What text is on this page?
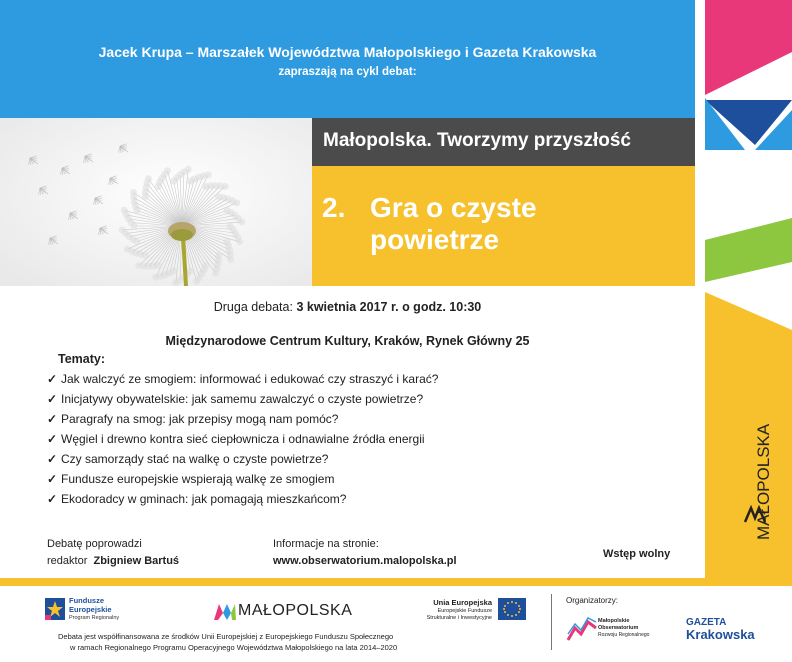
Jacek Krupa – Marszałek Województwa Małopolskiego i Gazeta Krakowska
zapraszają na cykl debat:
Małopolska. Tworzymy przyszłość
2. Gra o czyste powietrze
MAŁOPOLSKA
Druga debata: 3 kwietnia 2017 r. o godz. 10:30
Międzynarodowe Centrum Kultury, Kraków, Rynek Główny 25
Tematy:
✓ Jak walczyć ze smogiem: informować i edukować czy straszyć i karać?
✓ Inicjatywy obywatelskie: jak samemu zawalczyć o czyste powietrze?
✓ Paragrafy na smog: jak przepisy mogą nam pomóc?
✓ Węgiel i drewno kontra sieć ciepłownicza i odnawialne źródła energii
✓ Czy samorządy stać na walkę o czyste powietrze?
✓ Fundusze europejskie wspierają walkę ze smogiem
✓ Ekodoradcy w gminach: jak pomagają mieszkańcom?
Debatę poprowadzi
redaktor Zbigniew Bartuś
Informacje na stronie:
www.obserwatorium.malopolska.pl
Wstęp wolny
Fundusze
Europejskie
Program Regionalny	MAŁOPOLSKA	Unia Europejska
Europejskie Fundusze
Strukturalne i Inwestycyjne
Debata jest współfinansowana ze środków Unii Europejskiej z Europejskiego Funduszu Społecznego
w ramach Regionalnego Programu Operacyjnego Województwa Małopolskiego na lata 2014–2020
Organizatorzy:
Małopolskie
Obserwatorium
Rozwoju Regionalnego
GAZETA
Krakowska
